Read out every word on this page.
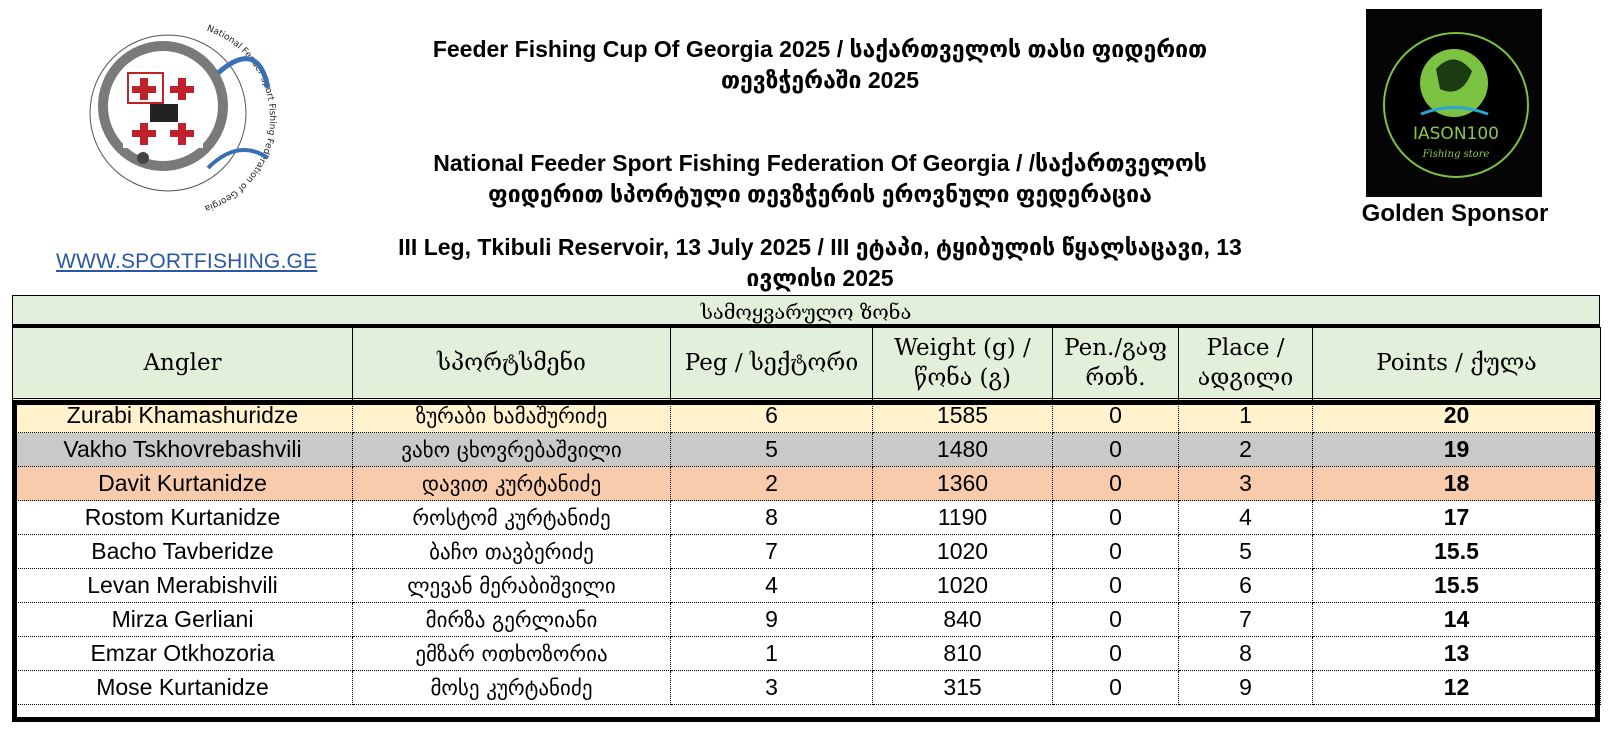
National Feeder Sport Fishing Federation of Georgia
WWW.SPORTFISHING.GE
Feeder Fishing Cup Of Georgia 2025 / საქართველოს თასი ფიდერით
თევზჭერაში 2025
National Feeder Sport Fishing Federation Of Georgia / /საქართველოს
ფიდერით სპორტული თევზჭერის ეროვნული ფედერაცია
III Leg, Tkibuli Reservoir, 13 July 2025 / III ეტაპი, ტყიბულის წყალსაცავი, 13
ივლისი 2025
IASON100
Fishing store
Golden Sponsor
სამოყვარულო ზონა
Angler	სპორტსმენი	Peg / სექტორი	Weight (g) / წონა (გ)	Pen./გაფ რთხ.	Place / ადგილი	Points / ქულა
Zurabi Khamashuridze	ზურაბი ხამაშურიძე	6	1585	0	1	20
Vakho Tskhovrebashvili	ვახო ცხოვრებაშვილი	5	1480	0	2	19
Davit Kurtanidze	დავით კურტანიძე	2	1360	0	3	18
Rostom Kurtanidze	როსტომ კურტანიძე	8	1190	0	4	17
Bacho Tavberidze	ბაჩო თავბერიძე	7	1020	0	5	15.5
Levan Merabishvili	ლევან მერაბიშვილი	4	1020	0	6	15.5
Mirza Gerliani	მირზა გერლიანი	9	840	0	7	14
Emzar Otkhozoria	ემზარ ოთხოზორია	1	810	0	8	13
Mose Kurtanidze	მოსე კურტანიძე	3	315	0	9	12
